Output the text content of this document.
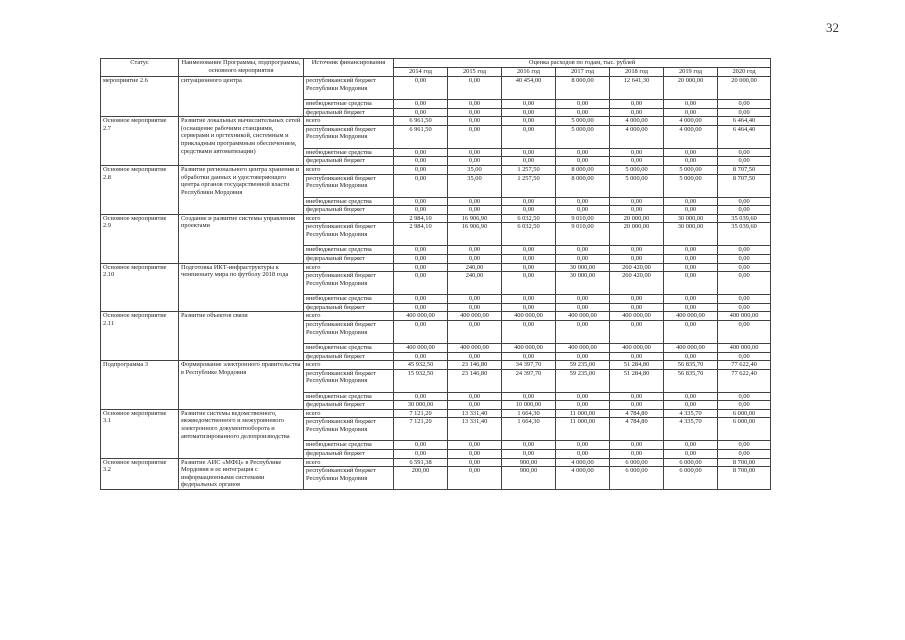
32
Статус	Наименование Программы, подпрограммы, основного мероприятия	Источник финансирования	Оценка расходов по годам, тыс. рублей						
			2014 год	2015 год	2016 год	2017 год	2018 год	2019 год	2020 год
мероприятие 2.6	ситуационного центра	республиканский бюджет Республики Мордовия	0,00	0,00	40 454,00	8 000,00	12 641,30	20 000,00	20 000,00
		внебюджетные средства	0,00	0,00	0,00	0,00	0,00	0,00	0,00
		федеральный бюджет	0,00	0,00	0,00	0,00	0,00	0,00	0,00
Основное мероприятие 2.7	Развитие локальных вычислительных сетей (оснащение рабочими станциями, серверами и оргтехникой, системным и прикладным программным обеспечением, средствами автоматизации)	всего	6 961,50	0,00	0,00	5 000,00	4 000,00	4 000,00	6 464,40
		республиканский бюджет Республики Мордовия	6 961,50	0,00	0,00	5 000,00	4 000,00	4 000,00	6 464,40
		внебюджетные средства	0,00	0,00	0,00	0,00	0,00	0,00	0,00
		федеральный бюджет	0,00	0,00	0,00	0,00	0,00	0,00	0,00
Основное мероприятие 2.8	Развитие регионального центра хранения и обработки данных и удостоверяющего центра органов государственной власти Республики Мордовия	всего	0,00	35,00	1 257,50	8 000,00	5 000,00	5 000,00	8 707,50
		республиканский бюджет Республики Мордовия	0,00	35,00	1 257,50	8 000,00	5 000,00	5 000,00	8 707,50
		внебюджетные средства	0,00	0,00	0,00	0,00	0,00	0,00	0,00
		федеральный бюджет	0,00	0,00	0,00	0,00	0,00	0,00	0,00
Основное мероприятие 2.9	Создание и развитие системы управления проектами	всего	2 984,10	16 906,90	6 032,50	9 010,00	20 000,00	30 000,00	35 039,60
		республиканский бюджет Республики Мордовия	2 984,10	16 906,90	6 032,50	9 010,00	20 000,00	30 000,00	35 039,60
		внебюджетные средства	0,00	0,00	0,00	0,00	0,00	0,00	0,00
		федеральный бюджет	0,00	0,00	0,00	0,00	0,00	0,00	0,00
Основное мероприятие 2.10	Подготовка ИКТ-инфраструктуры к чемпионату мира по футболу 2018 года	всего	0,00	240,00	0,00	30 000,00	260 420,00	0,00	0,00
		республиканский бюджет Республики Мордовия	0,00	240,00	0,00	30 000,00	260 420,00	0,00	0,00
		внебюджетные средства	0,00	0,00	0,00	0,00	0,00	0,00	0,00
		федеральный бюджет	0,00	0,00	0,00	0,00	0,00	0,00	0,00
Основное мероприятие 2.11	Развитие объектов связи	всего	400 000,00	400 000,00	400 000,00	400 000,00	400 000,00	400 000,00	400 000,00
		республиканский бюджет Республики Мордовия	0,00	0,00	0,00	0,00	0,00	0,00	0,00
		внебюджетные средства	400 000,00	400 000,00	400 000,00	400 000,00	400 000,00	400 000,00	400 000,00
		федеральный бюджет	0,00	0,00	0,00	0,00	0,00	0,00	0,00
Подпрограмма 3	Формирование электронного правительства в Республике Мордовия	всего	45 932,50	23 146,80	34 397,70	59 235,00	51 284,80	56 835,70	77 622,40
		республиканский бюджет Республики Мордовия	15 932,50	23 146,80	24 397,70	59 235,00	51 284,80	56 835,70	77 622,40
		внебюджетные средства	0,00	0,00	0,00	0,00	0,00	0,00	0,00
		федеральный бюджет	30 000,00	0,00	10 000,00	0,00	0,00	0,00	0,00
Основное мероприятие 3.1	Развитие системы ведомственного, межведомственного и межуровневого электронного документооборота и автоматизированного делопроизводства	всего	7 121,20	13 331,40	1 664,30	11 000,00	4 784,80	4 335,70	6 000,00
		республиканский бюджет Республики Мордовия	7 121,20	13 331,40	1 664,30	11 000,00	4 784,80	4 335,70	6 000,00
		внебюджетные средства	0,00	0,00	0,00	0,00	0,00	0,00	0,00
		федеральный бюджет	0,00	0,00	0,00	0,00	0,00	0,00	0,00
Основное мероприятие 3.2	Развитие АИС «МФЦ» в Республике Мордовия и ее интеграция с информационными системами федеральных органов	всего	6 591,38	0,00	900,00	4 000,00	6 000,00	6 000,00	8 700,00
		республиканский бюджет Республики Мордовия	200,00	0,00	900,00	4 000,00	6 000,00	6 000,00	8 700,00
